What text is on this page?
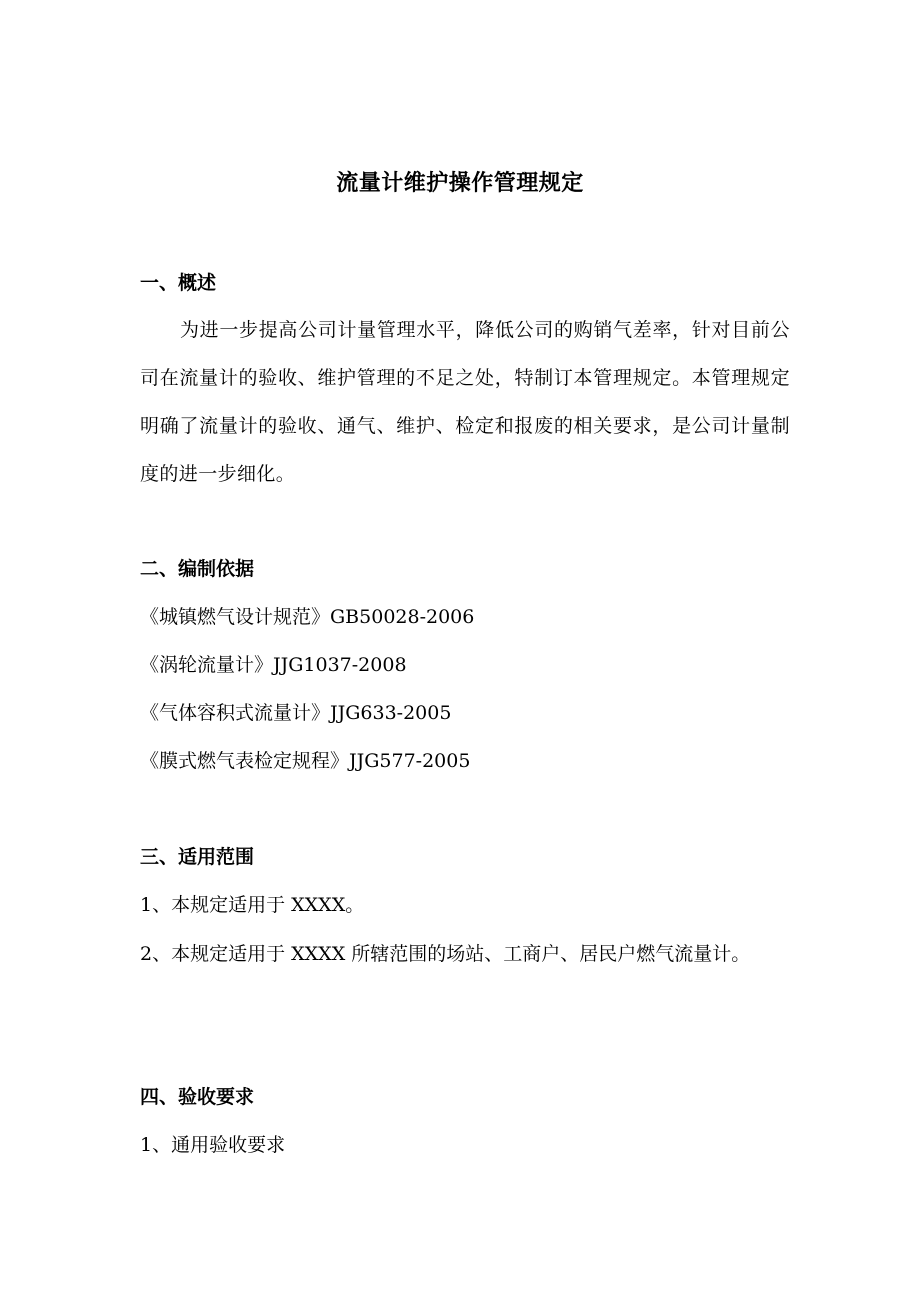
流量计维护操作管理规定
一、概述
为进一步提高公司计量管理水平，降低公司的购销气差率，针对目前公司在流量计的验收、维护管理的不足之处，特制订本管理规定。本管理规定明确了流量计的验收、通气、维护、检定和报废的相关要求，是公司计量制度的进一步细化。
二、编制依据
《城镇燃气设计规范》GB50028-2006
《涡轮流量计》JJG1037-2008
《气体容积式流量计》JJG633-2005
《膜式燃气表检定规程》JJG577-2005
三、适用范围
1、本规定适用于 XXXX。
2、本规定适用于 XXXX 所辖范围的场站、工商户、居民户燃气流量计。
四、验收要求
1、通用验收要求
